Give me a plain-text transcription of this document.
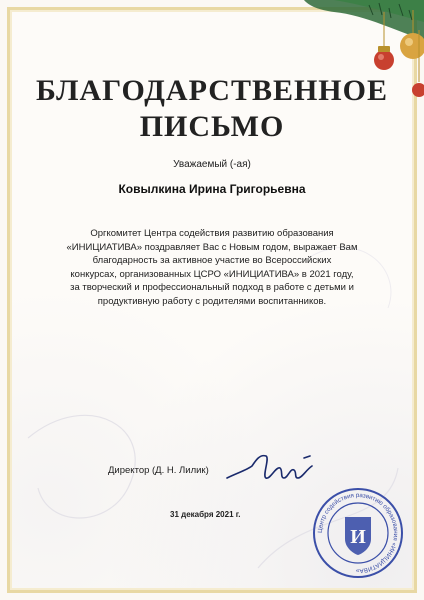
БЛАГОДАРСТВЕННОЕ
ПИСЬМО
Уважаемый (-ая)
Ковылкина Ирина Григорьевна
Оргкомитет Центра содействия развитию образования
«ИНИЦИАТИВА» поздравляет Вас с Новым годом, выражает Вам
благодарность за активное участие во Всероссийских
конкурсах, организованных ЦСРО «ИНИЦИАТИВА» в 2021 году,
за творческий и профессиональный подход в работе с детьми и
продуктивную работу с родителями воспитанников.
Директор (Д. Н. Лилик)
31 декабря 2021 г.
Центр содействия развитию образования «ИНИЦИАТИВА»
И
